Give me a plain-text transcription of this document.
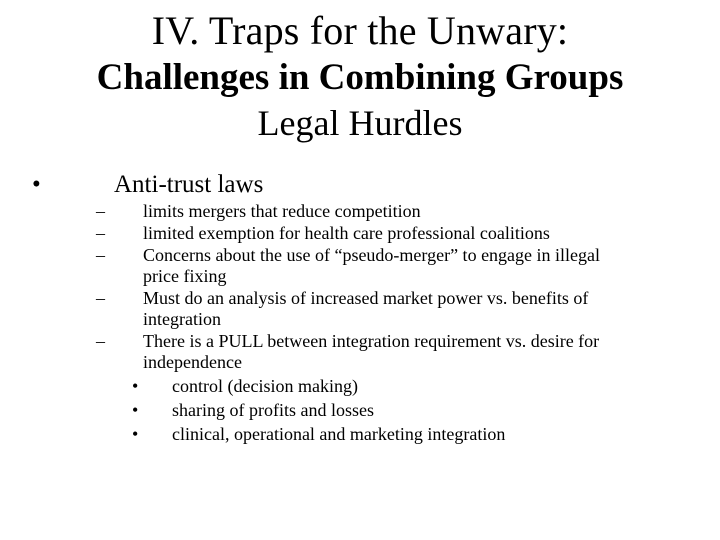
IV. Traps for the Unwary:
Challenges in Combining Groups
Legal Hurdles
•	Anti-trust laws
– limits mergers that reduce competition
– limited exemption for health care professional coalitions
– Concerns about the use of “pseudo-merger” to engage in illegal
price fixing
– Must do an analysis of increased market power vs. benefits of
integration
– There is a PULL between integration requirement vs. desire for
independence
• control (decision making)
• sharing of profits and losses
• clinical, operational and marketing integration
